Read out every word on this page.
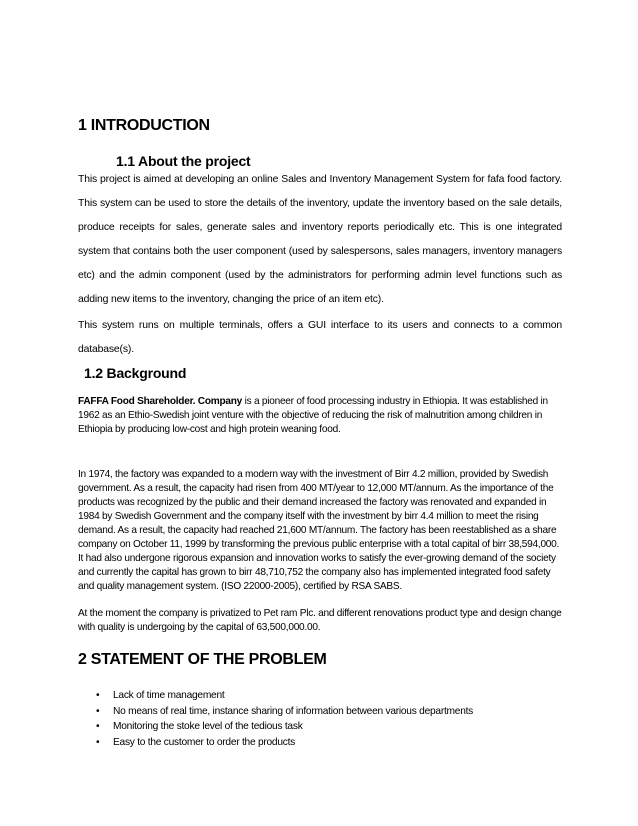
1 INTRODUCTION
1.1 About the project

This project is aimed at developing an online Sales and Inventory Management System for fafa food factory. This system can be used to store the details of the inventory, update the inventory based on the sale details, produce receipts for sales, generate sales and inventory reports periodically etc. This is one integrated system that contains both the user component (used by salespersons, sales managers, inventory managers etc) and the admin component (used by the administrators for performing admin level functions such as adding new items to the inventory, changing the price of an item etc).

This system runs on multiple terminals, offers a GUI interface to its users and connects to a common database(s).

1.2 Background

FAFFA Food Shareholder. Company is a pioneer of food processing industry in Ethiopia. It was established in 1962 as an Ethio-Swedish joint venture with the objective of reducing the risk of malnutrition among children in Ethiopia by producing low-cost and high protein weaning food.

In 1974, the factory was expanded to a modern way with the investment of Birr 4.2 million, provided by Swedish government. As a result, the capacity had risen from 400 MT/year to 12,000 MT/annum. As the importance of the products was recognized by the public and their demand increased the factory was renovated and expanded in 1984 by Swedish Government and the company itself with the investment by birr 4.4 million to meet the rising demand. As a result, the capacity had reached 21,600 MT/annum. The factory has been reestablished as a share company on October 11, 1999 by transforming the previous public enterprise with a total capital of birr 38,594,000. It had also undergone rigorous expansion and innovation works to satisfy the ever-growing demand of the society and currently the capital has grown to birr 48,710,752 the company also has implemented integrated food safety and quality management system. (ISO 22000-2005), certified by RSA SABS.

At the moment the company is privatized to Pet ram Plc. and different renovations product type and design change with quality is undergoing by the capital of 63,500,000.00.

2 STATEMENT OF THE PROBLEM
• Lack of time management
• No means of real time, instance sharing of information between various departments
• Monitoring the stoke level of the tedious task
• Easy to the customer to order the products
